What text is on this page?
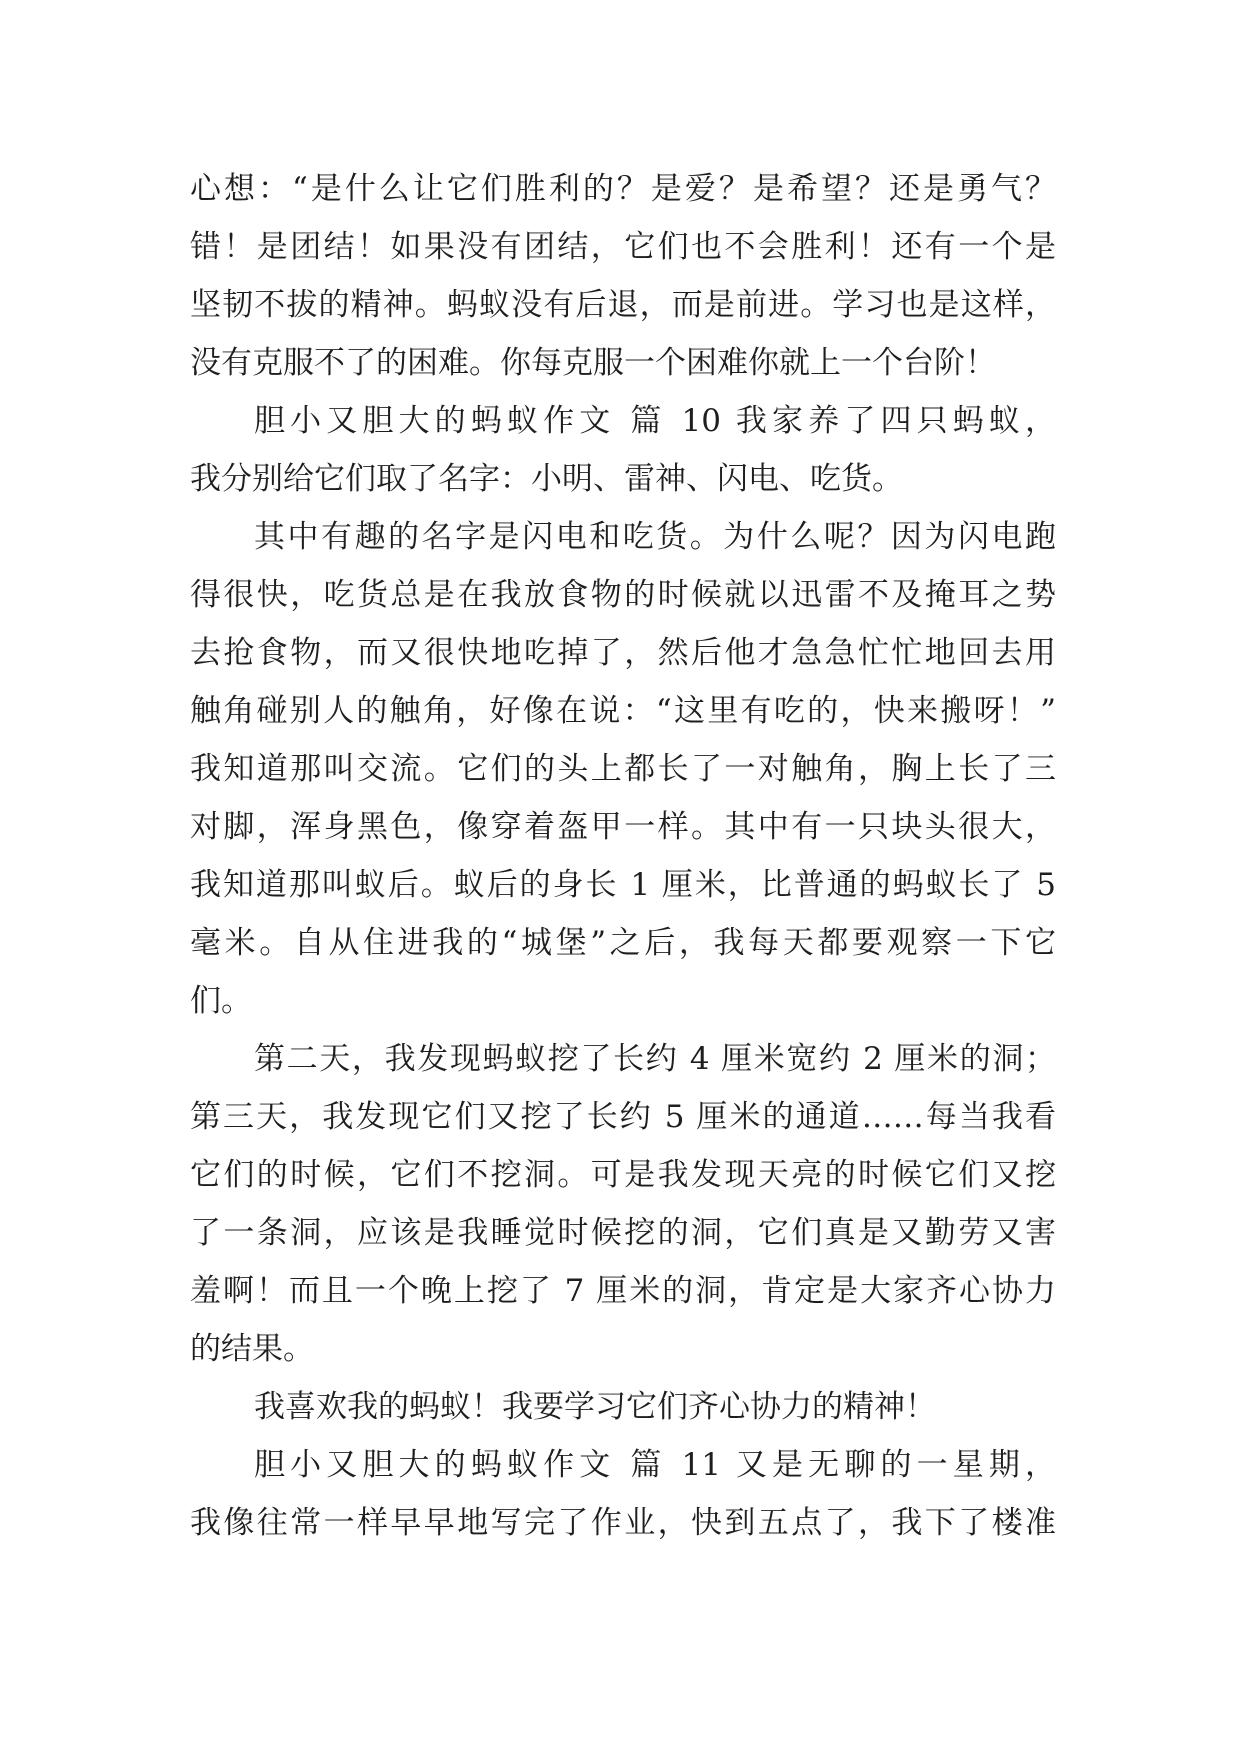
心想：“是什么让它们胜利的？是爱？是希望？还是勇气？
错！是团结！如果没有团结，它们也不会胜利！还有一个是
坚韧不拔的精神。蚂蚁没有后退，而是前进。学习也是这样，
没有克服不了的困难。你每克服一个困难你就上一个台阶！
胆小又胆大的蚂蚁作文 篇 10 我家养了四只蚂蚁，
我分别给它们取了名字：小明、雷神、闪电、吃货。
其中有趣的名字是闪电和吃货。为什么呢？因为闪电跑
得很快，吃货总是在我放食物的时候就以迅雷不及掩耳之势
去抢食物，而又很快地吃掉了，然后他才急急忙忙地回去用
触角碰别人的触角，好像在说：“这里有吃的，快来搬呀！”
我知道那叫交流。它们的头上都长了一对触角，胸上长了三
对脚，浑身黑色，像穿着盔甲一样。其中有一只块头很大，
我知道那叫蚁后。蚁后的身长 1 厘米，比普通的蚂蚁长了 5
毫米。自从住进我的“城堡”之后，我每天都要观察一下它
们。
第二天，我发现蚂蚁挖了长约 4 厘米宽约 2 厘米的洞；
第三天，我发现它们又挖了长约 5 厘米的通道……每当我看
它们的时候，它们不挖洞。可是我发现天亮的时候它们又挖
了一条洞，应该是我睡觉时候挖的洞，它们真是又勤劳又害
羞啊！而且一个晚上挖了 7 厘米的洞，肯定是大家齐心协力
的结果。
我喜欢我的蚂蚁！我要学习它们齐心协力的精神！
胆小又胆大的蚂蚁作文 篇 11 又是无聊的一星期，
我像往常一样早早地写完了作业，快到五点了，我下了楼准
